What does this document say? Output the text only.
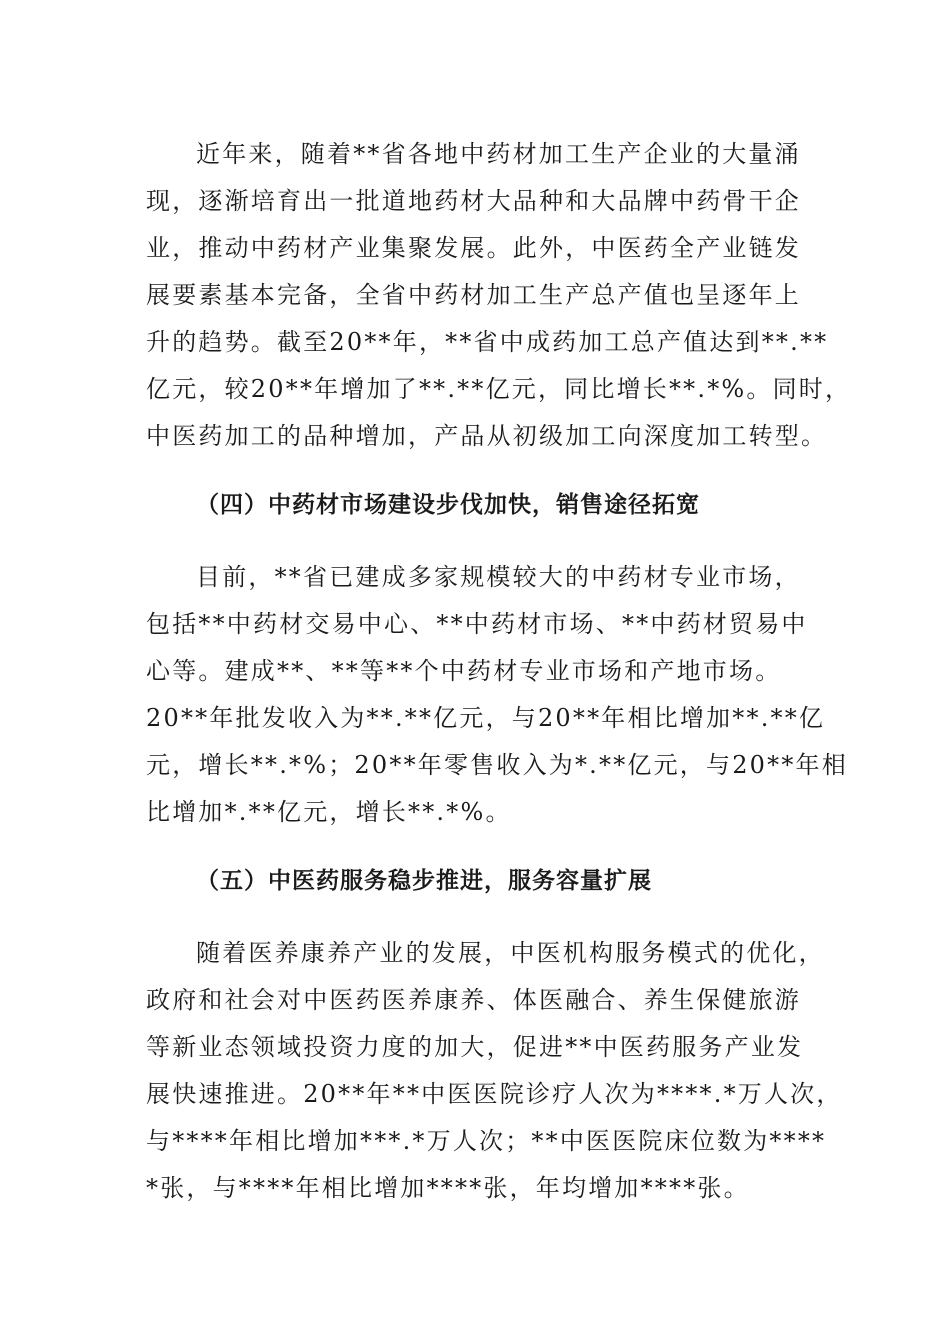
近年来，随着**省各地中药材加工生产企业的大量涌
现，逐渐培育出一批道地药材大品种和大品牌中药骨干企
业，推动中药材产业集聚发展。此外，中医药全产业链发
展要素基本完备，全省中药材加工生产总产值也呈逐年上
升的趋势。截至20**年，**省中成药加工总产值达到**.**
亿元，较20**年增加了**.**亿元，同比增长**.*%。同时，
中医药加工的品种增加，产品从初级加工向深度加工转型。
（四）中药材市场建设步伐加快，销售途径拓宽
目前，**省已建成多家规模较大的中药材专业市场，
包括**中药材交易中心、**中药材市场、**中药材贸易中
心等。建成**、**等**个中药材专业市场和产地市场。
20**年批发收入为**.**亿元，与20**年相比增加**.**亿
元，增长**.*%；20**年零售收入为*.**亿元，与20**年相
比增加*.**亿元，增长**.*%。
（五）中医药服务稳步推进，服务容量扩展
随着医养康养产业的发展，中医机构服务模式的优化，
政府和社会对中医药医养康养、体医融合、养生保健旅游
等新业态领域投资力度的加大，促进**中医药服务产业发
展快速推进。20**年**中医医院诊疗人次为****.*万人次，
与****年相比增加***.*万人次；**中医医院床位数为****
*张，与****年相比增加****张，年均增加****张。
